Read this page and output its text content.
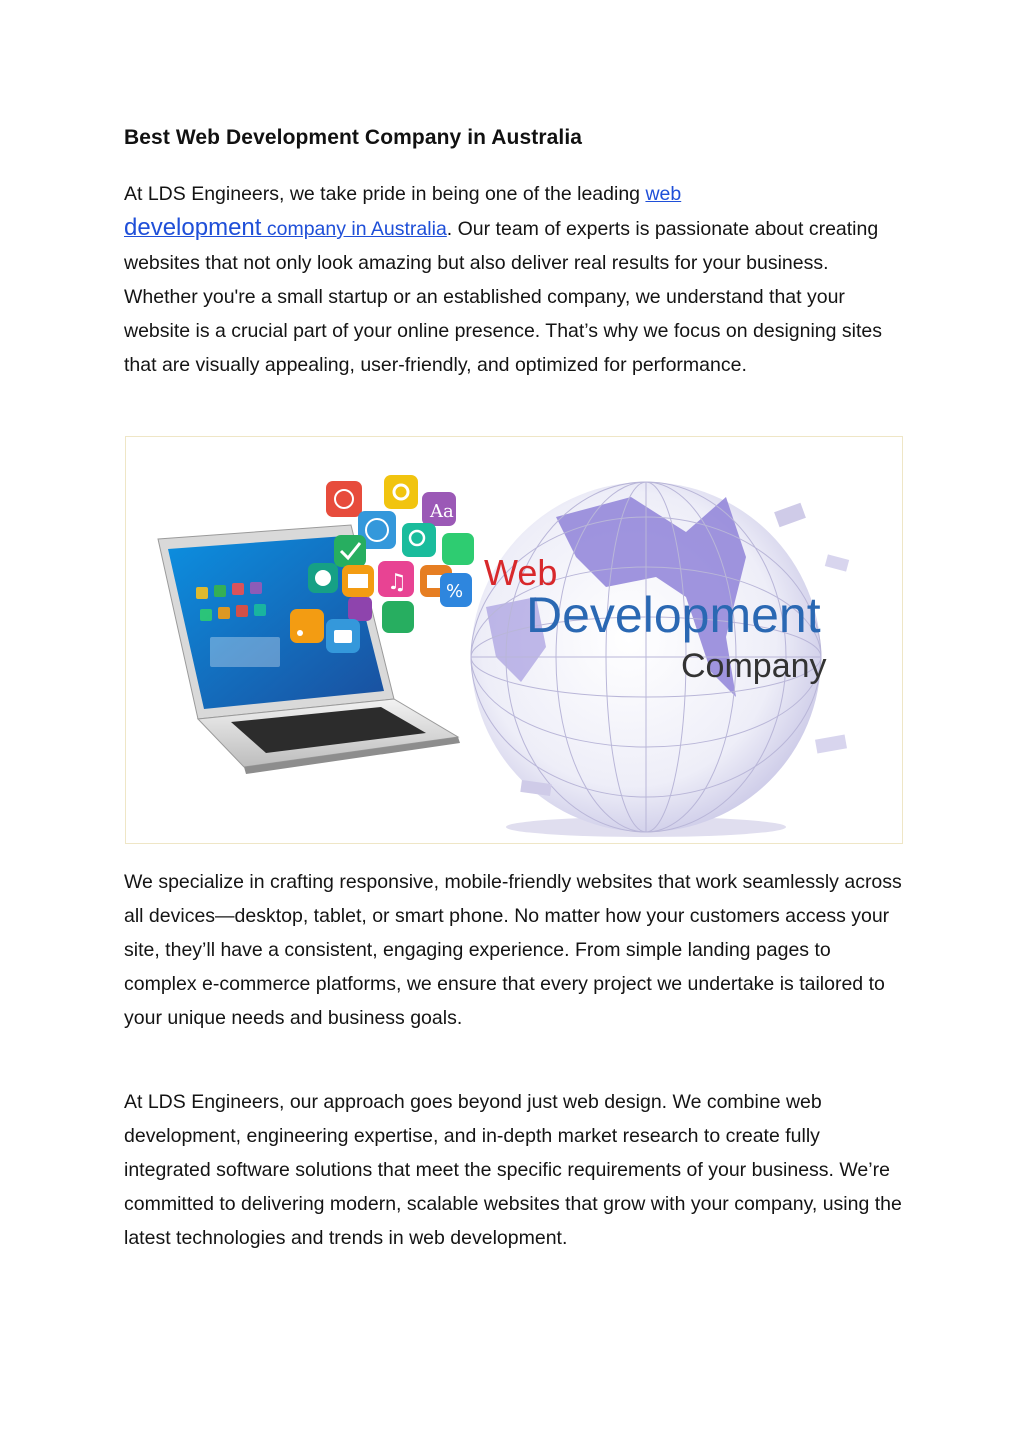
Best Web Development Company in Australia

At LDS Engineers, we take pride in being one of the leading web
development company in Australia. Our team of experts is passionate about creating websites that not only look amazing but also deliver real results for your business. Whether you're a small startup or an established company, we understand that your website is a crucial part of your online presence. That’s why we focus on designing sites that are visually appealing, user-friendly, and optimized for performance.

We specialize in crafting responsive, mobile-friendly websites that work seamlessly across all devices—desktop, tablet, or smart phone. No matter how your customers access your site, they’ll have a consistent, engaging experience. From simple landing pages to complex e-commerce platforms, we ensure that every project we undertake is tailored to your unique needs and business goals.

At LDS Engineers, our approach goes beyond just web design. We combine web development, engineering expertise, and in-depth market research to create fully integrated software solutions that meet the specific requirements of your business. We’re committed to delivering modern, scalable websites that grow with your company, using the latest technologies and trends in web development.

Web
Development
Company
Aa
♫ %
